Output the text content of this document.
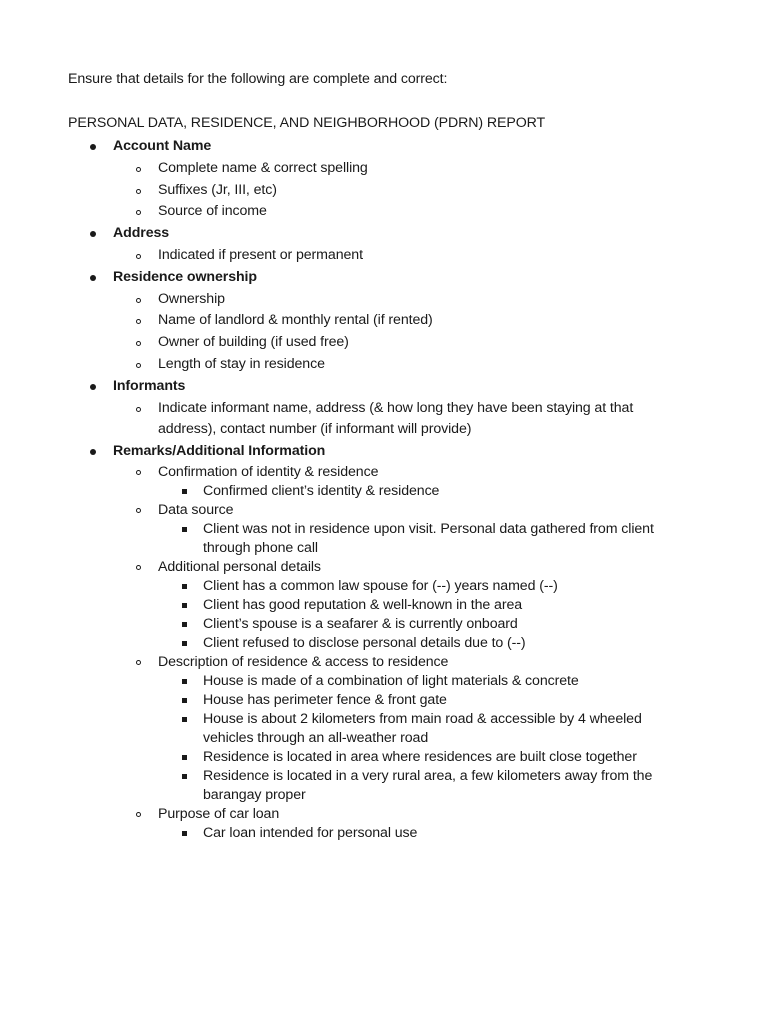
Ensure that details for the following are complete and correct:

PERSONAL DATA, RESIDENCE, AND NEIGHBORHOOD (PDRN) REPORT

Account Name
Complete name & correct spelling
Suffixes (Jr, III, etc)
Source of income
Address
Indicated if present or permanent
Residence ownership
Ownership
Name of landlord & monthly rental (if rented)
Owner of building (if used free)
Length of stay in residence
Informants
Indicate informant name, address (& how long they have been staying at that address), contact number (if informant will provide)
Remarks/Additional Information
Confirmation of identity & residence
Confirmed client’s identity & residence
Data source
Client was not in residence upon visit. Personal data gathered from client through phone call
Additional personal details
Client has a common law spouse for (--) years named (--)
Client has good reputation & well-known in the area
Client’s spouse is a seafarer & is currently onboard
Client refused to disclose personal details due to (--)
Description of residence & access to residence
House is made of a combination of light materials & concrete
House has perimeter fence & front gate
House is about 2 kilometers from main road & accessible by 4 wheeled vehicles through an all-weather road
Residence is located in area where residences are built close together
Residence is located in a very rural area, a few kilometers away from the barangay proper
Purpose of car loan
Car loan intended for personal use
